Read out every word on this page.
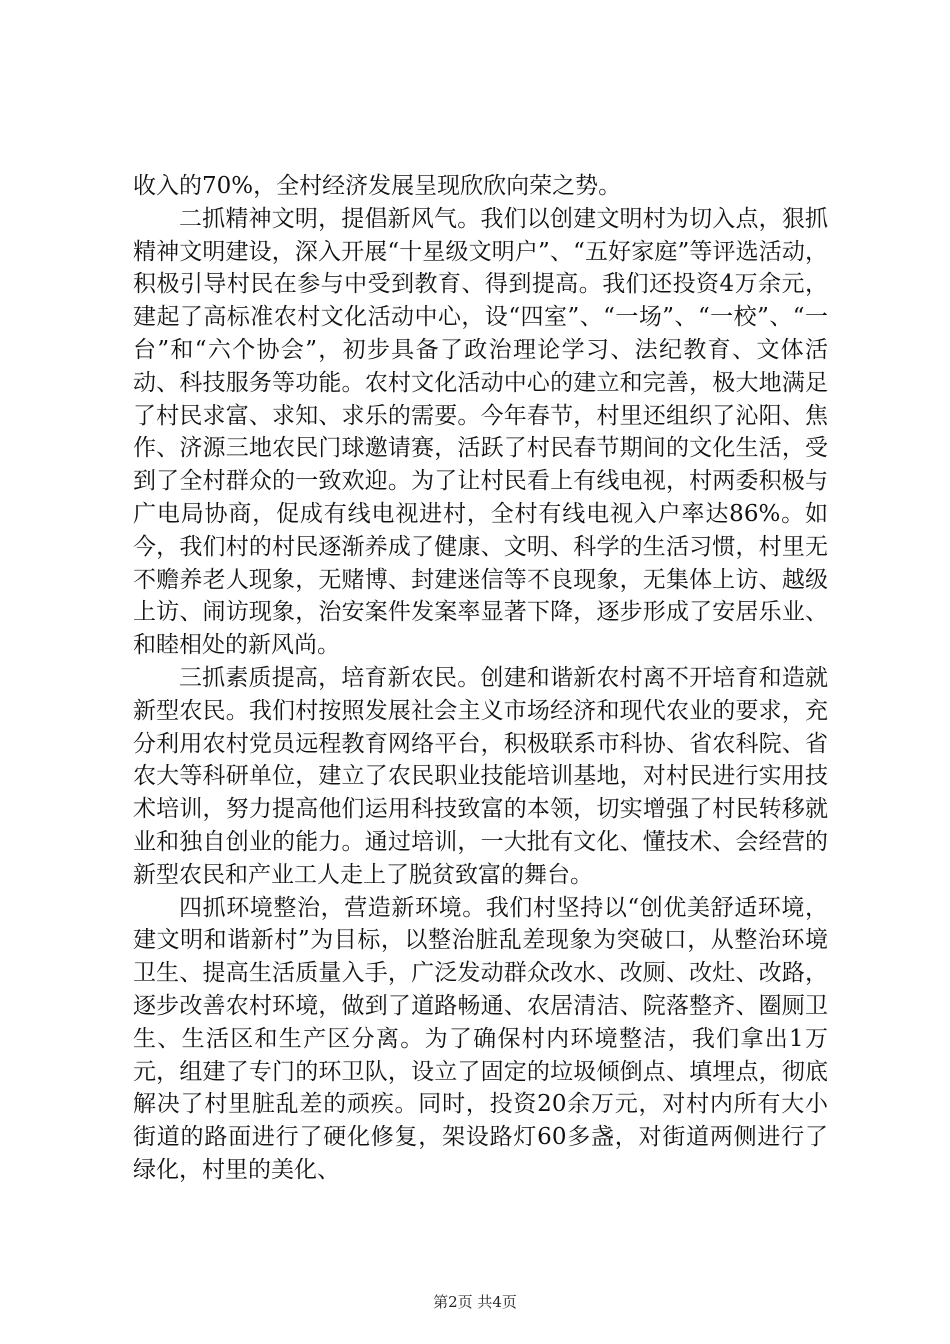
收入的70%，全村经济发展呈现欣欣向荣之势。

二抓精神文明，提倡新风气。我们以创建文明村为切入点，狠抓精神文明建设，深入开展“十星级文明户”、“五好家庭”等评选活动，积极引导村民在参与中受到教育、得到提高。我们还投资4万余元，建起了高标准农村文化活动中心，设“四室”、“一场”、“一校”、“一台”和“六个协会”，初步具备了政治理论学习、法纪教育、文体活动、科技服务等功能。农村文化活动中心的建立和完善，极大地满足了村民求富、求知、求乐的需要。今年春节，村里还组织了沁阳、焦作、济源三地农民门球邀请赛，活跃了村民春节期间的文化生活，受到了全村群众的一致欢迎。为了让村民看上有线电视，村两委积极与广电局协商，促成有线电视进村，全村有线电视入户率达86%。如今，我们村的村民逐渐养成了健康、文明、科学的生活习惯，村里无不赡养老人现象，无赌博、封建迷信等不良现象，无集体上访、越级上访、闹访现象，治安案件发案率显著下降，逐步形成了安居乐业、和睦相处的新风尚。

三抓素质提高，培育新农民。创建和谐新农村离不开培育和造就新型农民。我们村按照发展社会主义市场经济和现代农业的要求，充分利用农村党员远程教育网络平台，积极联系市科协、省农科院、省农大等科研单位，建立了农民职业技能培训基地，对村民进行实用技术培训，努力提高他们运用科技致富的本领，切实增强了村民转移就业和独自创业的能力。通过培训，一大批有文化、懂技术、会经营的新型农民和产业工人走上了脱贫致富的舞台。

四抓环境整治，营造新环境。我们村坚持以“创优美舒适环境，建文明和谐新村”为目标，以整治脏乱差现象为突破口，从整治环境卫生、提高生活质量入手，广泛发动群众改水、改厕、改灶、改路，逐步改善农村环境，做到了道路畅通、农居清洁、院落整齐、圈厕卫生、生活区和生产区分离。为了确保村内环境整洁，我们拿出1万元，组建了专门的环卫队，设立了固定的垃圾倾倒点、填埋点，彻底解决了村里脏乱差的顽疾。同时，投资20余万元，对村内所有大小街道的路面进行了硬化修复，架设路灯60多盏，对街道两侧进行了绿化，村里的美化、

第2页 共4页
